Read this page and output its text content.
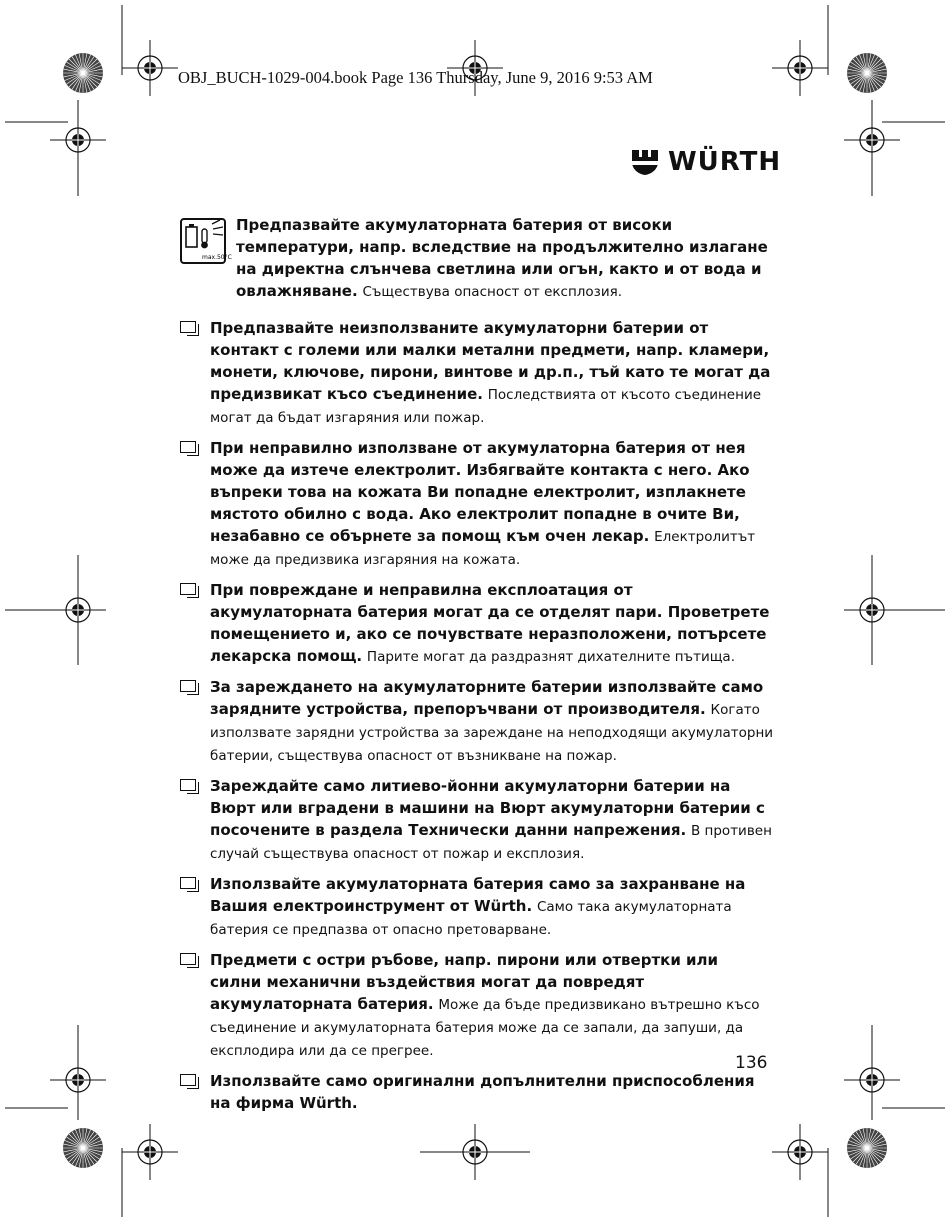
OBJ_BUCH-1029-004.book Page 136 Thursday, June 9, 2016 9:53 AM
WÜRTH
max.50°C
Предпазвайте акумулаторната батерия от високи температури, напр. вследствие на продължително излагане на директна слънчева светлина или огън, както и от вода и овлажняване. Съществува опасност от експлозия.
Предпазвайте неизползваните акумулаторни батерии от контакт с големи или малки метални предмети, напр. кламери, монети, ключове, пирони, винтове и др.п., тъй като те могат да предизвикат късо съединение. Последствията от късото съединение могат да бъдат изгаряния или пожар.
При неправилно използване от акумулаторна батерия от нея може да изтече електролит. Избягвайте контакта с него. Ако въпреки това на кожата Ви попадне електролит, изплакнете мястото обилно с вода. Ако електролит попадне в очите Ви, незабавно се обърнете за помощ към очен лекар. Електролитът може да предизвика изгаряния на кожата.
При повреждане и неправилна експлоатация от акумулаторната батерия могат да се отделят пари. Проветрете помещението и, ако се почувствате неразположени, потърсете лекарска помощ. Парите могат да раздразнят дихателните пътища.
За зареждането на акумулаторните батерии използвайте само зарядните устройства, препоръчвани от производителя. Когато използвате зарядни устройства за зареждане на неподходящи акумулаторни батерии, съществува опасност от възникване на пожар.
Зареждайте само литиево-йонни акумулаторни батерии на Вюрт или вградени в машини на Вюрт акумулаторни батерии с посочените в раздела Технически данни напрежения. В противен случай съществува опасност от пожар и експлозия.
Използвайте акумулаторната батерия само за захранване на Вашия електроинструмент от Würth. Само така акумулаторната батерия се предпазва от опасно претоварване.
Предмети с остри ръбове, напр. пирони или отвертки или силни механични въздействия могат да повредят акумулаторната батерия. Може да бъде предизвикано вътрешно късо съединение и акумулаторната батерия може да се запали, да запуши, да експлодира или да се прегрее.
Използвайте само оригинални допълнителни приспособления на фирма Würth.
136
